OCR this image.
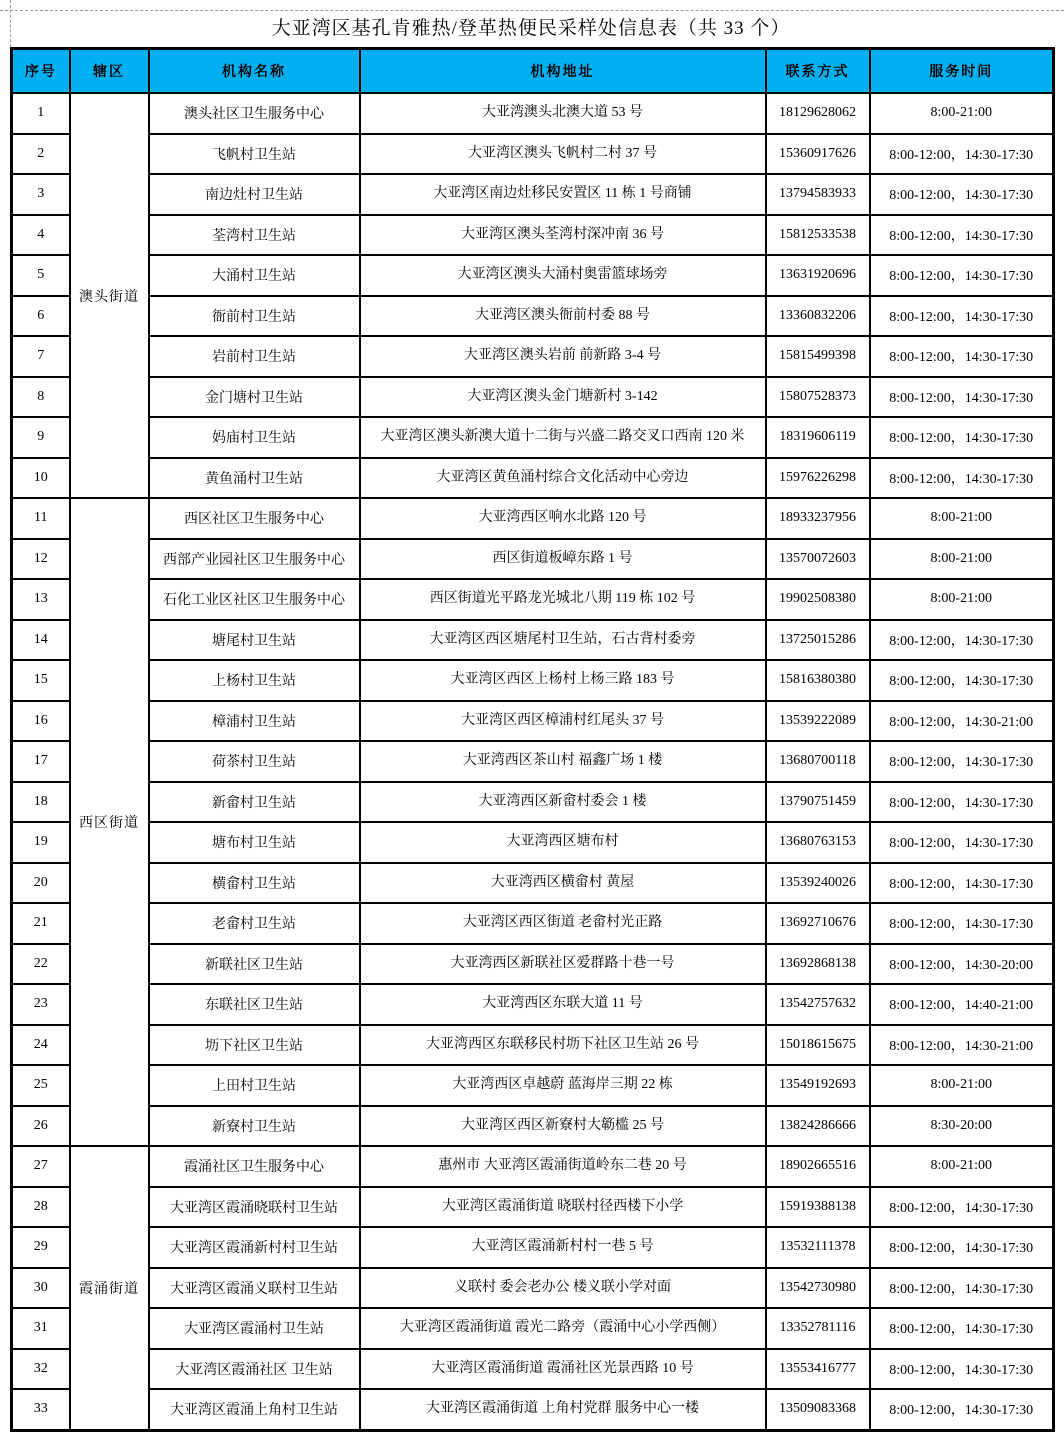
大亚湾区基孔肯雅热/登革热便民采样处信息表（共 33 个）
序号	辖区	机构名称	机构地址	联系方式	服务时间
1	澳头街道	澳头社区卫生服务中心	大亚湾澳头北澳大道 53 号	18129628062	8:00-21:00
2		飞帆村卫生站	大亚湾区澳头飞帆村二村 37 号	15360917626	8:00-12:00，14:30-17:30
3		南边灶村卫生站	大亚湾区南边灶移民安置区 11 栋 1 号商铺	13794583933	8:00-12:00，14:30-17:30
4		荃湾村卫生站	大亚湾区澳头荃湾村深冲南 36 号	15812533538	8:00-12:00，14:30-17:30
5		大涌村卫生站	大亚湾区澳头大涌村奥雷篮球场旁	13631920696	8:00-12:00，14:30-17:30
6		衙前村卫生站	大亚湾区澳头衙前村委 88 号	13360832206	8:00-12:00，14:30-17:30
7		岩前村卫生站	大亚湾区澳头岩前 前新路 3-4 号	15815499398	8:00-12:00，14:30-17:30
8		金门塘村卫生站	大亚湾区澳头金门塘新村 3-142	15807528373	8:00-12:00，14:30-17:30
9		妈庙村卫生站	大亚湾区澳头新澳大道十二街与兴盛二路交叉口西南 120 米	18319606119	8:00-12:00，14:30-17:30
10		黄鱼涌村卫生站	大亚湾区黄鱼涌村综合文化活动中心旁边	15976226298	8:00-12:00，14:30-17:30
11	西区街道	西区社区卫生服务中心	大亚湾西区响水北路 120 号	18933237956	8:00-21:00
12		西部产业园社区卫生服务中心	西区街道板嶂东路 1 号	13570072603	8:00-21:00
13		石化工业区社区卫生服务中心	西区街道光平路龙光城北八期 119 栋 102 号	19902508380	8:00-21:00
14		塘尾村卫生站	大亚湾区西区塘尾村卫生站，石古背村委旁	13725015286	8:00-12:00，14:30-17:30
15		上杨村卫生站	大亚湾区西区上杨村上杨三路 183 号	15816380380	8:00-12:00，14:30-17:30
16		樟浦村卫生站	大亚湾区西区樟浦村红尾头 37 号	13539222089	8:00-12:00，14:30-21:00
17		荷茶村卫生站	大亚湾西区茶山村 福鑫广场 1 楼	13680700118	8:00-12:00，14:30-17:30
18		新畲村卫生站	大亚湾西区新畲村委会 1 楼	13790751459	8:00-12:00，14:30-17:30
19		塘布村卫生站	大亚湾西区塘布村	13680763153	8:00-12:00，14:30-17:30
20		横畲村卫生站	大亚湾西区横畲村 黄屋	13539240026	8:00-12:00，14:30-17:30
21		老畲村卫生站	大亚湾区西区街道 老畲村光正路	13692710676	8:00-12:00，14:30-17:30
22		新联社区卫生站	大亚湾西区新联社区爱群路十巷一号	13692868138	8:00-12:00，14:30-20:00
23		东联社区卫生站	大亚湾西区东联大道 11 号	13542757632	8:00-12:00，14:40-21:00
24		坜下社区卫生站	大亚湾西区东联移民村坜下社区卫生站 26 号	15018615675	8:00-12:00，14:30-21:00
25		上田村卫生站	大亚湾西区卓越蔚 蓝海岸三期 22 栋	13549192693	8:00-21:00
26		新寮村卫生站	大亚湾区西区新寮村大簕槛 25 号	13824286666	8:30-20:00
27	霞涌街道	霞涌社区卫生服务中心	惠州市 大亚湾区霞涌街道岭东二巷 20 号	18902665516	8:00-21:00
28		大亚湾区霞涌晓联村卫生站	大亚湾区霞涌街道 晓联村径西楼下小学	15919388138	8:00-12:00，14:30-17:30
29		大亚湾区霞涌新村村卫生站	大亚湾区霞涌新村村一巷 5 号	13532111378	8:00-12:00，14:30-17:30
30		大亚湾区霞涌义联村卫生站	义联村 委会老办公 楼义联小学对面	13542730980	8:00-12:00，14:30-17:30
31		大亚湾区霞涌村卫生站	大亚湾区霞涌街道 霞光二路旁（霞涌中心小学西侧）	13352781116	8:00-12:00，14:30-17:30
32		大亚湾区霞涌社区 卫生站	大亚湾区霞涌街道 霞涌社区光景西路 10 号	13553416777	8:00-12:00，14:30-17:30
33		大亚湾区霞涌上角村卫生站	大亚湾区霞涌街道 上角村党群 服务中心一楼	13509083368	8:00-12:00，14:30-17:30
